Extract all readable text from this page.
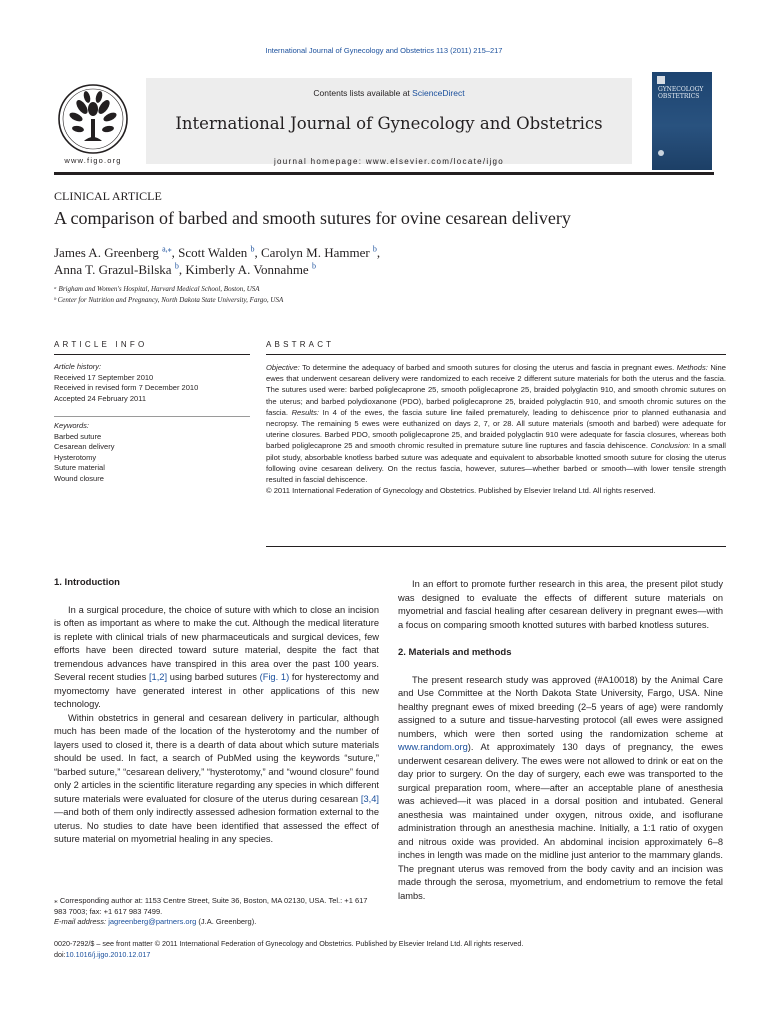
International Journal of Gynecology and Obstetrics 113 (2011) 215–217
www.figo.org
Contents lists available at ScienceDirect
International Journal of Gynecology and Obstetrics
journal homepage: www.elsevier.com/locate/ijgo
GYNECOLOGY OBSTETRICS
CLINICAL ARTICLE
A comparison of barbed and smooth sutures for ovine cesarean delivery
James A. Greenberg $^{a,⁎}$, Scott Walden $^b$, Carolyn M. Hammer $^b$,
Anna T. Grazul-Bilska $^b$, Kimberly A. Vonnahme $^b$
ᵃ Brigham and Women's Hospital, Harvard Medical School, Boston, USA
ᵇ Center for Nutrition and Pregnancy, North Dakota State University, Fargo, USA
ARTICLE INFO	ABSTRACT
Article history:
Received 17 September 2010
Received in revised form 7 December 2010
Accepted 24 February 2011
Keywords:
Barbed suture
Cesarean delivery
Hysterotomy
Suture material
Wound closure
Objective: To determine the adequacy of barbed and smooth sutures for closing the uterus and fascia in pregnant ewes. Methods: Nine ewes that underwent cesarean delivery were randomized to each receive 2 different suture materials for both the uterus and the fascia. The sutures used were: barbed poliglecaprone 25, smooth poliglecaprone 25, braided polyglactin 910, and smooth chromic sutures on the uterus; and barbed polydioxanone (PDO), barbed poliglecaprone 25, braided polyglactin 910, and smooth chromic sutures on the fascia. Results: In 4 of the ewes, the fascia suture line failed prematurely, leading to dehiscence prior to planned euthanasia and necropsy. The remaining 5 ewes were euthanized on days 2, 7, or 28. All suture materials (smooth and barbed) were adequate for uterine closures. Barbed PDO, smooth poliglecaprone 25, and braided polyglactin 910 were adequate for fascia closures, whereas both barbed poliglecaprone 25 and smooth chromic resulted in premature suture line ruptures and fascia dehiscence. Conclusion: In a small pilot study, absorbable knotless barbed suture was adequate and equivalent to absorbable knotted smooth suture for closing the uterus following ovine cesarean delivery. On the rectus fascia, however, sutures—whether barbed or smooth—with lower tensile strength resulted in fascial dehiscence.
© 2011 International Federation of Gynecology and Obstetrics. Published by Elsevier Ireland Ltd. All rights reserved.
1. Introduction

In a surgical procedure, the choice of suture with which to close an incision is often as important as where to make the cut. Although the medical literature is replete with clinical trials of new pharmaceuticals and surgical devices, few efforts have been directed toward suture material, despite the fact that tremendous advances have transpired in this area over the past 100 years. Several recent studies [1,2] using barbed sutures (Fig. 1) for hysterectomy and myomectomy have generated interest in other applications of this new technology.

Within obstetrics in general and cesarean delivery in particular, although much has been made of the location of the hysterotomy and the number of layers used to closed it, there is a dearth of data about which suture materials should be used. In fact, a search of PubMed using the keywords “suture,” “barbed suture,” “cesarean delivery,” “hysterotomy,” and “wound closure” found only 2 articles in the scientific literature regarding any species in which different suture materials were evaluated for closure of the uterus during cesarean [3,4]—and both of them only indirectly assessed adhesion formation external to the uterus. No studies to date have been identified that assessed the effect of suture material on myometrial healing in any species.

In an effort to promote further research in this area, the present pilot study was designed to evaluate the effects of different suture materials on myometrial and fascial healing after cesarean delivery in pregnant ewes—with a focus on comparing smooth knotted sutures with barbed knotless sutures.

2. Materials and methods

The present research study was approved (#A10018) by the Animal Care and Use Committee at the North Dakota State University, Fargo, USA. Nine healthy pregnant ewes of mixed breeding (2–5 years of age) were randomly assigned to a suture and tissue-harvesting protocol (all ewes were assigned numbers, which were then sorted using the randomization scheme at www.random.org). At approximately 130 days of pregnancy, the ewes underwent cesarean delivery. The ewes were not allowed to drink or eat on the day prior to surgery. On the day of surgery, each ewe was transported to the surgical preparation room, where—after an acceptable plane of anesthesia was achieved—it was placed in a dorsal position and intubated. General anesthesia was maintained under oxygen, nitrous oxide, and isoflurane administration through an anesthesia machine. Initially, a 1:1 ratio of oxygen and nitrous oxide was provided. An abdominal incision approximately 6–8 inches in length was made on the midline just anterior to the mammary glands. The pregnant uterus was removed from the body cavity and an incision was made through the serosa, myometrium, and endometrium to remove the fetal lambs.

⁎ Corresponding author at: 1153 Centre Street, Suite 36, Boston, MA 02130, USA. Tel.: +1 617 983 7003; fax: +1 617 983 7499.
E-mail address: jagreenberg@partners.org (J.A. Greenberg).
0020-7292/$ – see front matter © 2011 International Federation of Gynecology and Obstetrics. Published by Elsevier Ireland Ltd. All rights reserved.
doi:10.1016/j.ijgo.2010.12.017
